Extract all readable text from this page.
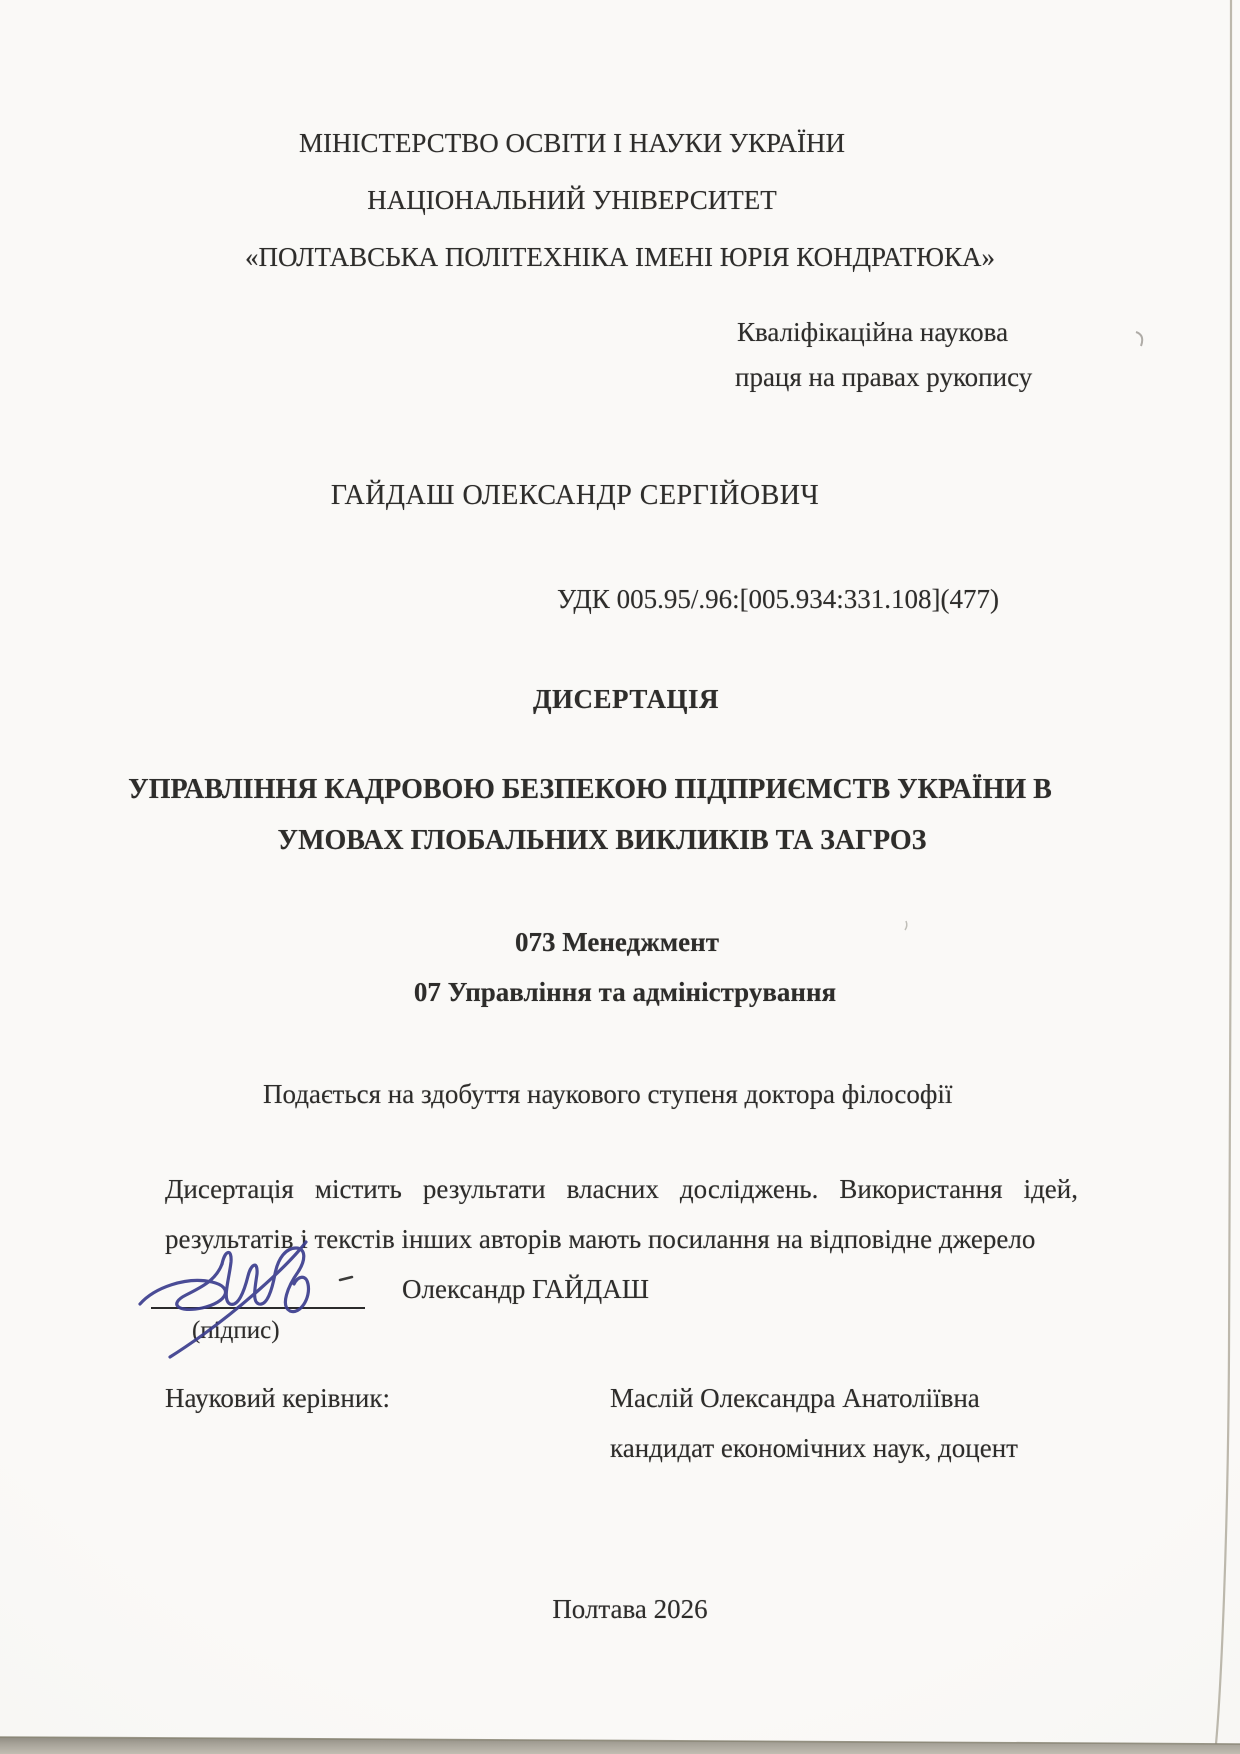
МІНІСТЕРСТВО ОСВІТИ І НАУКИ УКРАЇНИ
НАЦІОНАЛЬНИЙ УНІВЕРСИТЕТ
«ПОЛТАВСЬКА ПОЛІТЕХНІКА ІМЕНІ ЮРІЯ КОНДРАТЮКА»
Кваліфікаційна наукова
праця на правах рукопису
ГАЙДАШ ОЛЕКСАНДР СЕРГІЙОВИЧ
УДК 005.95/.96:[005.934:331.108](477)
ДИСЕРТАЦІЯ
УПРАВЛІННЯ КАДРОВОЮ БЕЗПЕКОЮ ПІДПРИЄМСТВ УКРАЇНИ В
УМОВАХ ГЛОБАЛЬНИХ ВИКЛИКІВ ТА ЗАГРОЗ
073 Менеджмент
07 Управління та адміністрування
Подається на здобуття наукового ступеня доктора філософії
Дисертація містить результати власних досліджень. Використання ідей,
результатів і текстів інших авторів мають посилання на відповідне джерело
Олександр ГАЙДАШ
(підпис)
Науковий керівник:	Маслій Олександра Анатоліївна
кандидат економічних наук, доцент
Полтава 2026
